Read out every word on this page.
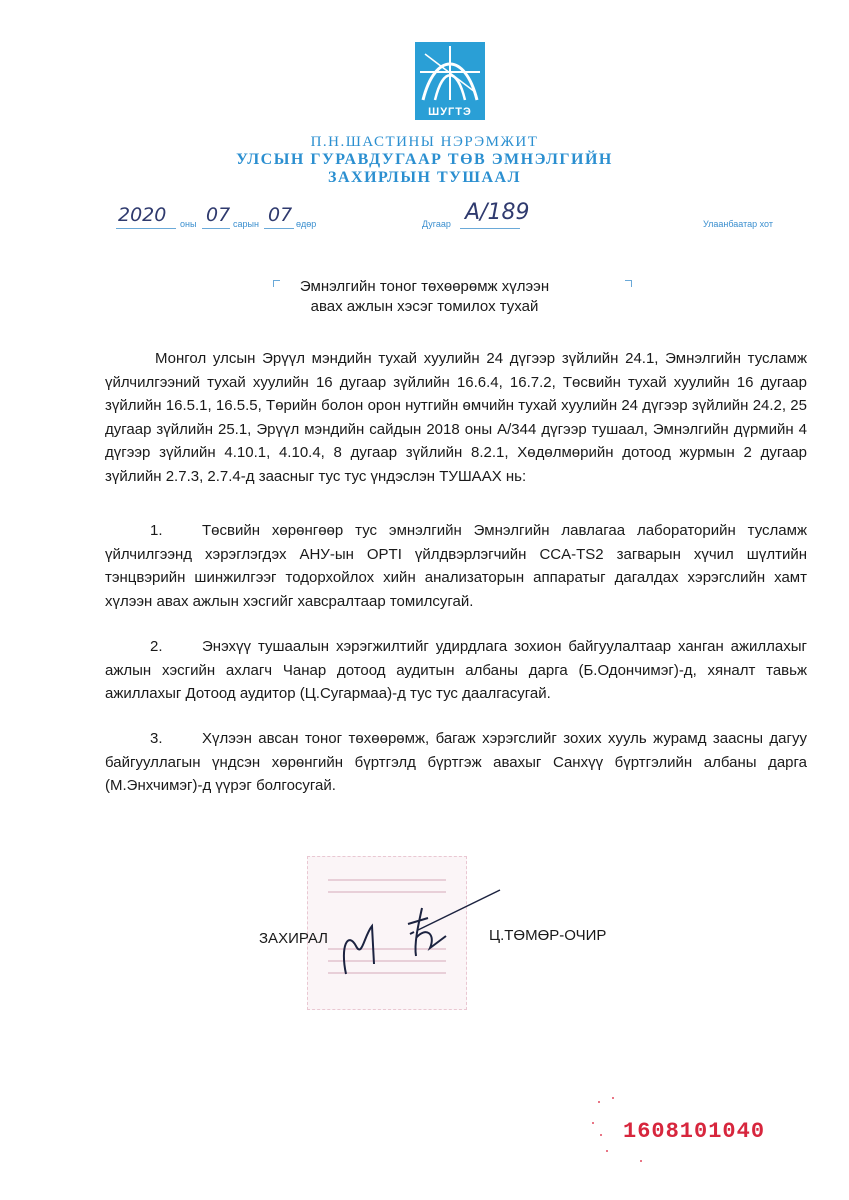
ШУГТЭ
П.Н.ШАСТИНЫ НЭРЭМЖИТ
УЛСЫН ГУРАВДУГААР ТӨВ ЭМНЭЛГИЙН
ЗАХИРЛЫН ТУШААЛ
2020 оны 07 сарын 07 өдөр	Дугаар А/189	Улаанбаатар хот
Эмнэлгийн тоног төхөөрөмж хүлээн
авах ажлын хэсэг томилох тухай
Монгол улсын Эрүүл мэндийн тухай хуулийн 24 дүгээр зүйлийн 24.1, Эмнэлгийн тусламж үйлчилгээний тухай хуулийн 16 дугаар зүйлийн 16.6.4, 16.7.2, Төсвийн тухай хуулийн 16 дугаар зүйлийн 16.5.1, 16.5.5, Төрийн болон орон нутгийн өмчийн тухай хуулийн 24 дүгээр зүйлийн 24.2, 25 дугаар зүйлийн 25.1, Эрүүл мэндийн сайдын 2018 оны А/344 дүгээр тушаал, Эмнэлгийн дүрмийн 4 дүгээр зүйлийн 4.10.1, 4.10.4, 8 дугаар зүйлийн 8.2.1, Хөдөлмөрийн дотоод журмын 2 дугаар зүйлийн 2.7.3, 2.7.4-д заасныг тус тус үндэслэн ТУШААХ нь:
1.	Төсвийн хөрөнгөөр тус эмнэлгийн Эмнэлгийн лавлагаа лабораторийн тусламж үйлчилгээнд хэрэглэгдэх АНУ-ын OPTI үйлдвэрлэгчийн CCA-TS2 загварын хүчил шүлтийн тэнцвэрийн шинжилгээг тодорхойлох хийн анализаторын аппаратыг дагалдах хэрэгслийн хамт хүлээн авах ажлын хэсгийг хавсралтаар томилсугай.
2.	Энэхүү тушаалын хэрэгжилтийг удирдлага зохион байгуулалтаар ханган ажиллахыг ажлын хэсгийн ахлагч Чанар дотоод аудитын албаны дарга (Б.Одончимэг)-д, хяналт тавьж ажиллахыг Дотоод аудитор (Ц.Сугармаа)-д тус тус даалгасугай.
3.	Хүлээн авсан тоног төхөөрөмж, багаж хэрэгслийг зохих хууль журамд заасны дагуу байгууллагын үндсэн хөрөнгийн бүртгэлд бүртгэж авахыг Санхүү бүртгэлийн албаны дарга (М.Энхчимэг)-д үүрэг болгосугай.
ЗАХИРАЛ	Ц.ТӨМӨР-ОЧИР
1608101040
